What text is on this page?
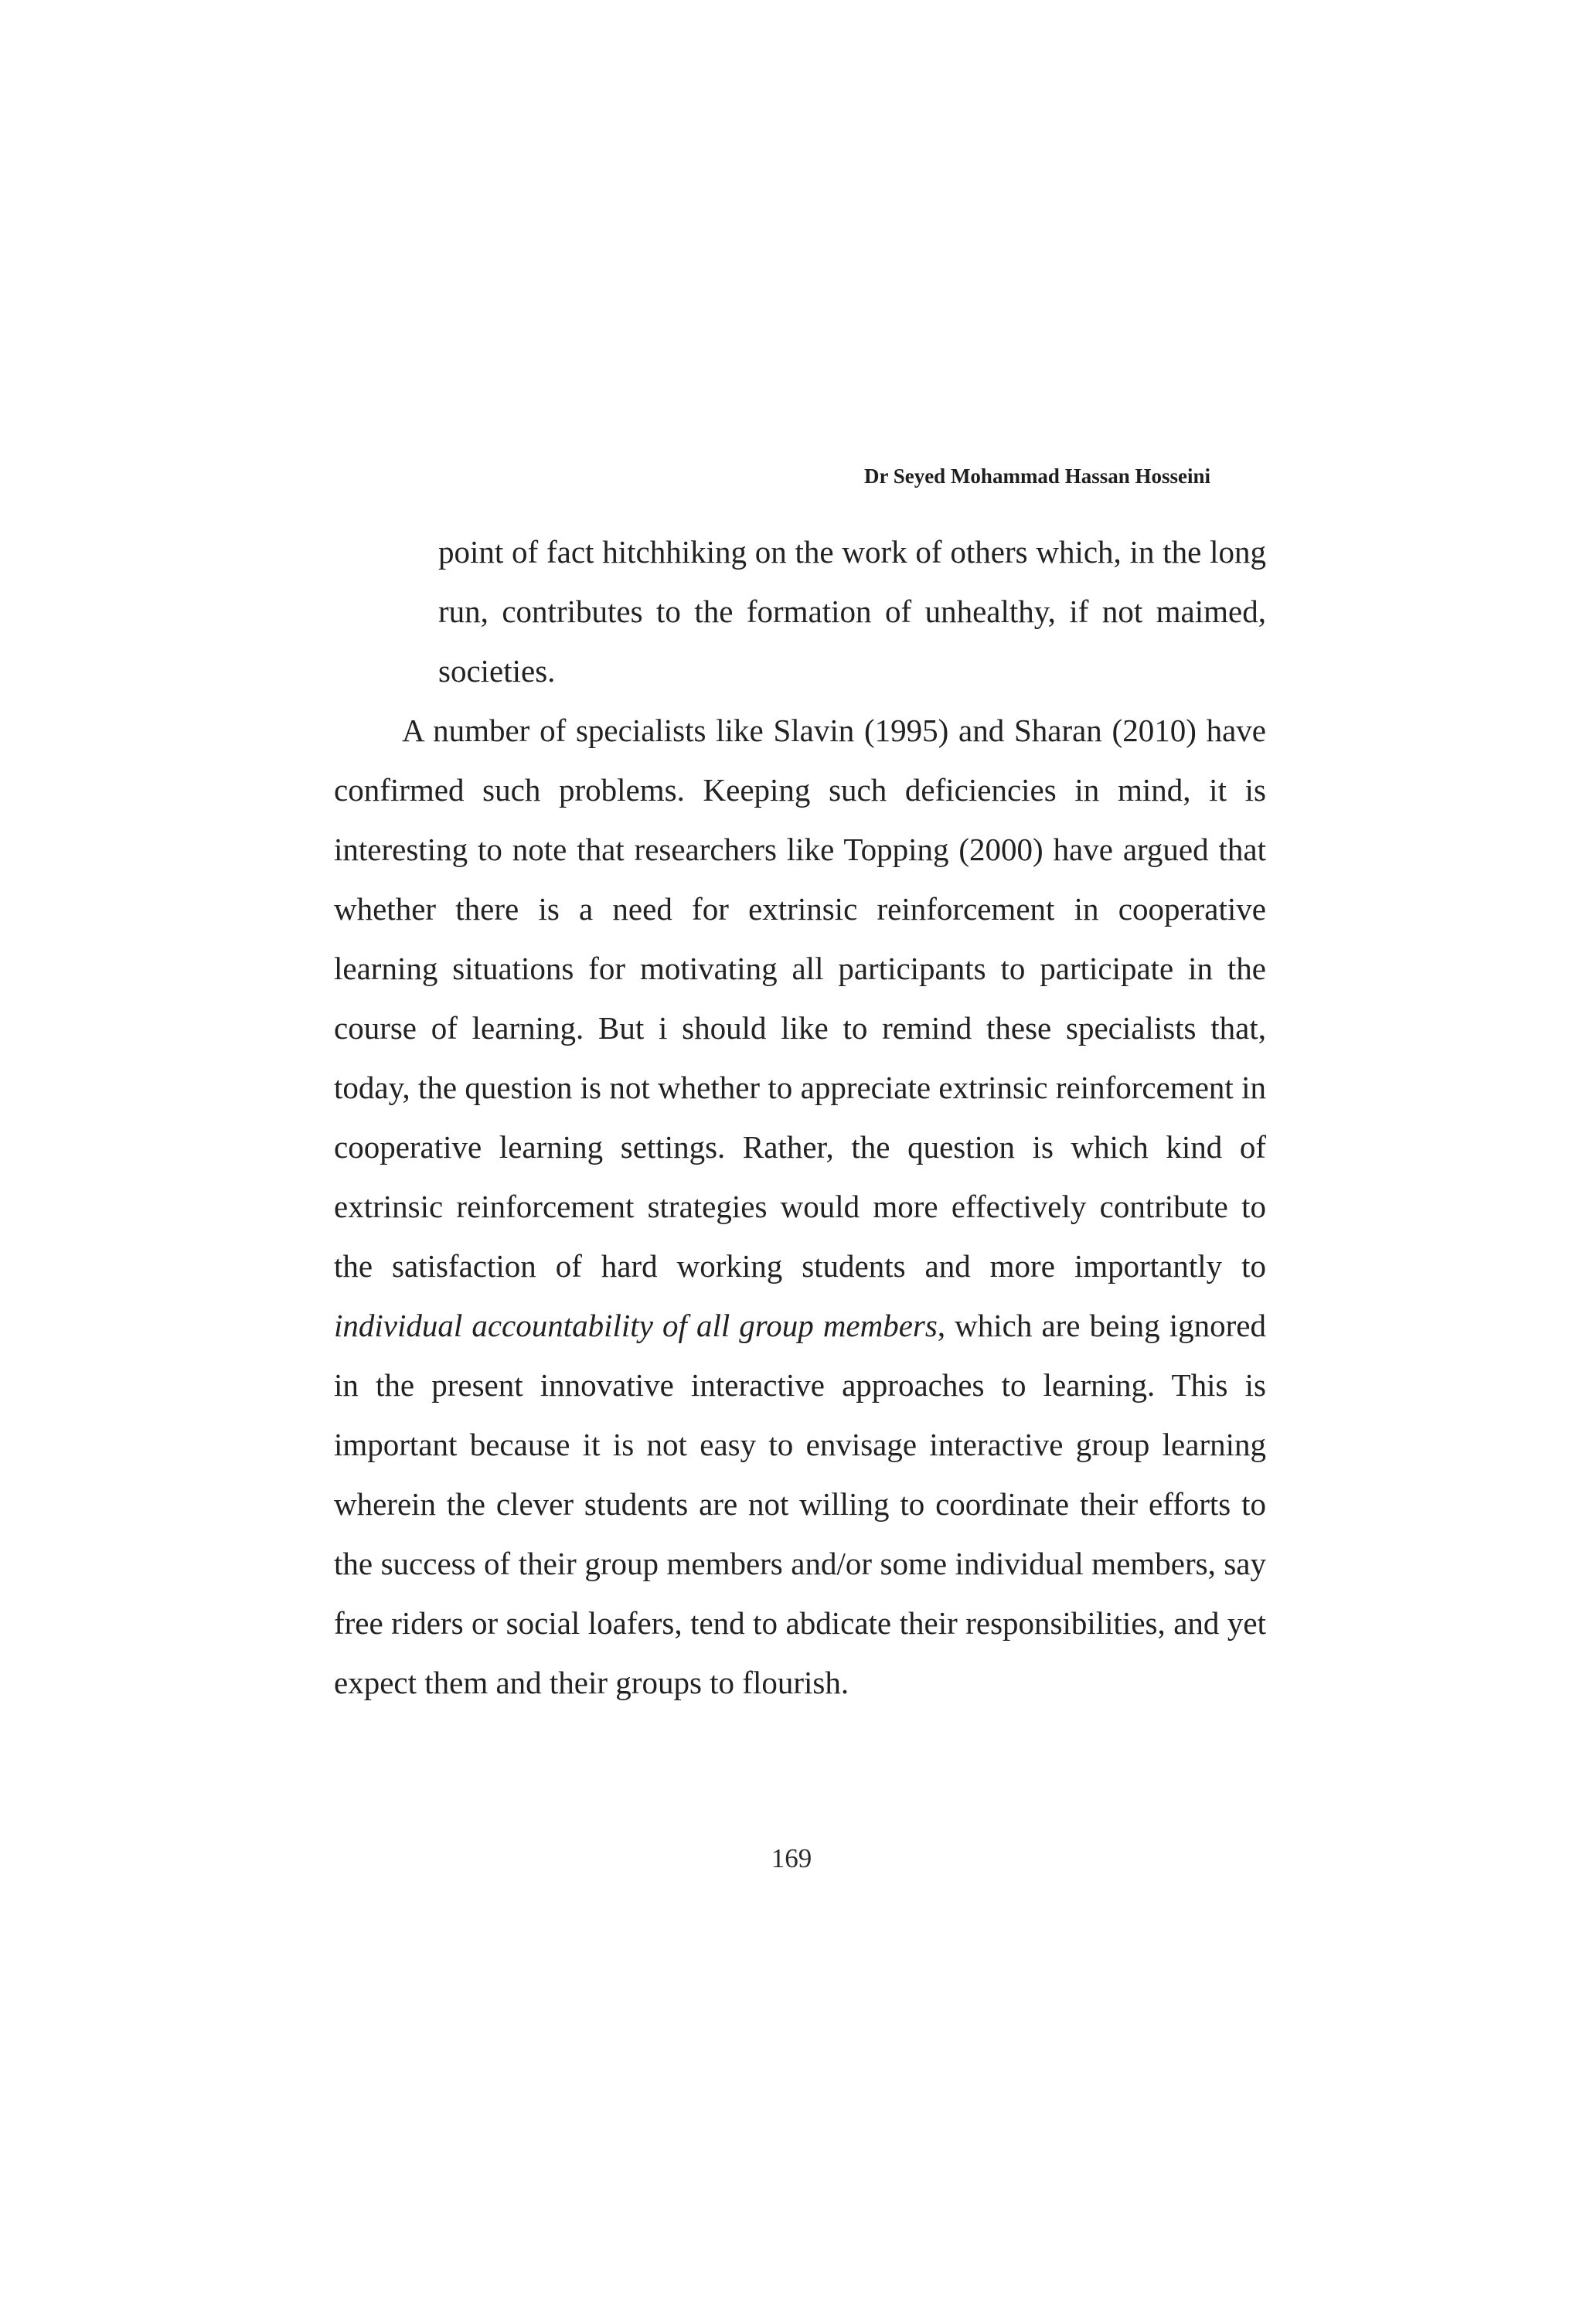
Dr Seyed Mohammad Hassan Hosseini
point of fact hitchhiking on the work of others which, in the long run, contributes to the formation of unhealthy, if not maimed, societies.

A number of specialists like Slavin (1995) and Sharan (2010) have confirmed such problems. Keeping such deficiencies in mind, it is interesting to note that researchers like Topping (2000) have argued that whether there is a need for extrinsic reinforcement in cooperative learning situations for motivating all participants to participate in the course of learning. But i should like to remind these specialists that, today, the question is not whether to appreciate extrinsic reinforcement in cooperative learning settings. Rather, the question is which kind of extrinsic reinforcement strategies would more effectively contribute to the satisfaction of hard working students and more importantly to individual accountability of all group members, which are being ignored in the present innovative interactive approaches to learning. This is important because it is not easy to envisage interactive group learning wherein the clever students are not willing to coordinate their efforts to the success of their group members and/or some individual members, say free riders or social loafers, tend to abdicate their responsibilities, and yet expect them and their groups to flourish.

169
